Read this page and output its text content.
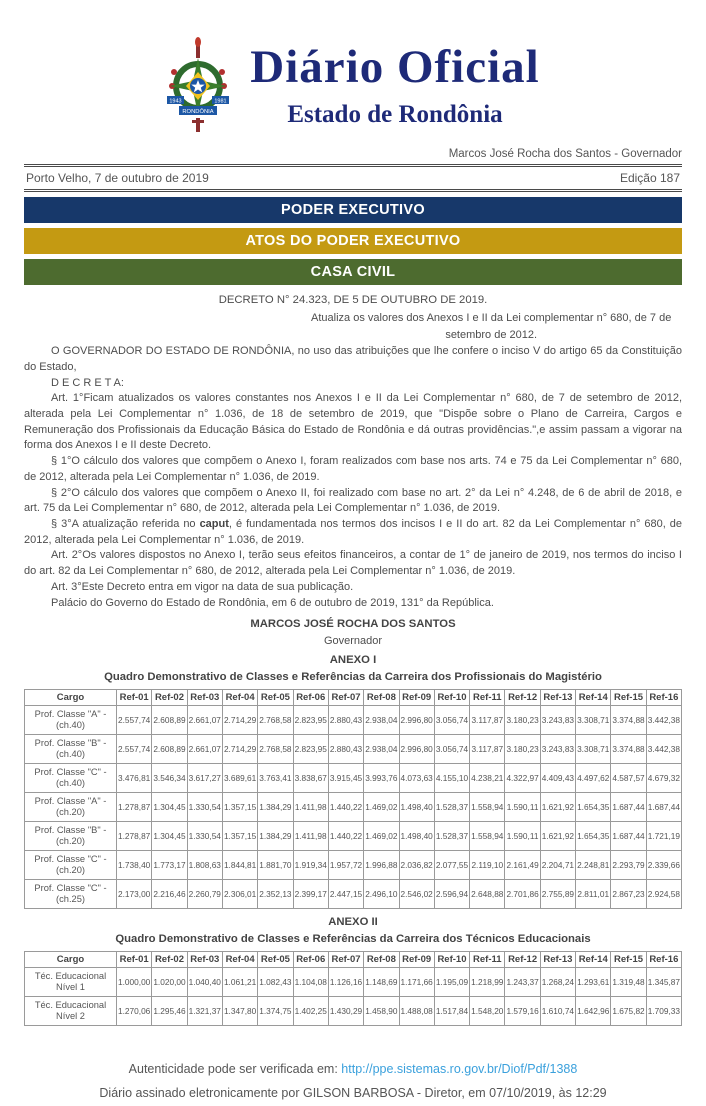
1943	1981
RONDÔNIA
Diário Oficial
Estado de Rondônia
Marcos José Rocha dos Santos - Governador
Porto Velho, 7 de outubro de 2019	Edição 187
PODER EXECUTIVO
ATOS DO PODER EXECUTIVO
CASA CIVIL
DECRETO N° 24.323, DE 5 DE OUTUBRO DE 2019.
Atualiza os valores dos Anexos I e II da Lei complementar n° 680, de 7 de setembro de 2012.

O GOVERNADOR DO ESTADO DE RONDÔNIA, no uso das atribuições que lhe confere o inciso V do artigo 65 da Constituição do Estado,

D E C R E T A:

Art. 1°Ficam atualizados os valores constantes nos Anexos I e II da Lei Complementar n° 680, de 7 de setembro de 2012, alterada pela Lei Complementar n° 1.036, de 18 de setembro de 2019, que "Dispõe sobre o Plano de Carreira, Cargos e Remuneração dos Profissionais da Educação Básica do Estado de Rondônia e dá outras providências.",e assim passam a vigorar na forma dos Anexos I e II deste Decreto.

§ 1°O cálculo dos valores que compõem o Anexo I, foram realizados com base nos arts. 74 e 75 da Lei Complementar n° 680, de 2012, alterada pela Lei Complementar n° 1.036, de 2019.

§ 2°O cálculo dos valores que compõem o Anexo II, foi realizado com base no art. 2° da Lei n° 4.248, de 6 de abril de 2018, e art. 75 da Lei Complementar n° 680, de 2012, alterada pela Lei Complementar n° 1.036, de 2019.

§ 3°A atualização referida no caput, é fundamentada nos termos dos incisos I e II do art. 82 da Lei Complementar n° 680, de 2012, alterada pela Lei Complementar n° 1.036, de 2019.

Art. 2°Os valores dispostos no Anexo I, terão seus efeitos financeiros, a contar de 1° de janeiro de 2019, nos termos do inciso I do art. 82 da Lei Complementar n° 680, de 2012, alterada pela Lei Complementar n° 1.036, de 2019.

Art. 3°Este Decreto entra em vigor na data de sua publicação.

Palácio do Governo do Estado de Rondônia, em 6 de outubro de 2019, 131° da República.

MARCOS JOSÉ ROCHA DOS SANTOS
Governador
ANEXO I
Quadro Demonstrativo de Classes e Referências da Carreira dos Profissionais do Magistério
Cargo	Ref-01	Ref-02	Ref-03	Ref-04	Ref-05	Ref-06	Ref-07	Ref-08	Ref-09	Ref-10	Ref-11	Ref-12	Ref-13	Ref-14	Ref-15	Ref-16
Prof. Classe "A" - (ch.40)	2.557,74	2.608,89	2.661,07	2.714,29	2.768,58	2.823,95	2.880,43	2.938,04	2.996,80	3.056,74	3.117,87	3.180,23	3.243,83	3.308,71	3.374,88	3.442,38
Prof. Classe "B" - (ch.40)	2.557,74	2.608,89	2.661,07	2.714,29	2.768,58	2.823,95	2.880,43	2.938,04	2.996,80	3.056,74	3.117,87	3.180,23	3.243,83	3.308,71	3.374,88	3.442,38
Prof. Classe "C" - (ch.40)	3.476,81	3.546,34	3.617,27	3.689,61	3.763,41	3.838,67	3.915,45	3.993,76	4.073,63	4.155,10	4.238,21	4.322,97	4.409,43	4.497,62	4.587,57	4.679,32
Prof. Classe "A" - (ch.20)	1.278,87	1.304,45	1.330,54	1.357,15	1.384,29	1.411,98	1.440,22	1.469,02	1.498,40	1.528,37	1.558,94	1.590,11	1.621,92	1.654,35	1.687,44	1.687,44
Prof. Classe "B" - (ch.20)	1.278,87	1.304,45	1.330,54	1.357,15	1.384,29	1.411,98	1.440,22	1.469,02	1.498,40	1.528,37	1.558,94	1.590,11	1.621,92	1.654,35	1.687,44	1.721,19
Prof. Classe "C" - (ch.20)	1.738,40	1.773,17	1.808,63	1.844,81	1.881,70	1.919,34	1.957,72	1.996,88	2.036,82	2.077,55	2.119,10	2.161,49	2.204,71	2.248,81	2.293,79	2.339,66
Prof. Classe "C" - (ch.25)	2.173,00	2.216,46	2.260,79	2.306,01	2.352,13	2.399,17	2.447,15	2.496,10	2.546,02	2.596,94	2.648,88	2.701,86	2.755,89	2.811,01	2.867,23	2.924,58
ANEXO II
Quadro Demonstrativo de Classes e Referências da Carreira dos Técnicos Educacionais
Cargo	Ref-01	Ref-02	Ref-03	Ref-04	Ref-05	Ref-06	Ref-07	Ref-08	Ref-09	Ref-10	Ref-11	Ref-12	Ref-13	Ref-14	Ref-15	Ref-16
Téc. Educacional Nível 1	1.000,00	1.020,00	1.040,40	1.061,21	1.082,43	1.104,08	1.126,16	1.148,69	1.171,66	1.195,09	1.218,99	1.243,37	1.268,24	1.293,61	1.319,48	1.345,87
Téc. Educacional Nível 2	1.270,06	1.295,46	1.321,37	1.347,80	1.374,75	1.402,25	1.430,29	1.458,90	1.488,08	1.517,84	1.548,20	1.579,16	1.610,74	1.642,96	1.675,82	1.709,33
Autenticidade pode ser verificada em: http://ppe.sistemas.ro.gov.br/Diof/Pdf/1388
Diário assinado eletronicamente por GILSON BARBOSA - Diretor, em 07/10/2019, às 12:29
